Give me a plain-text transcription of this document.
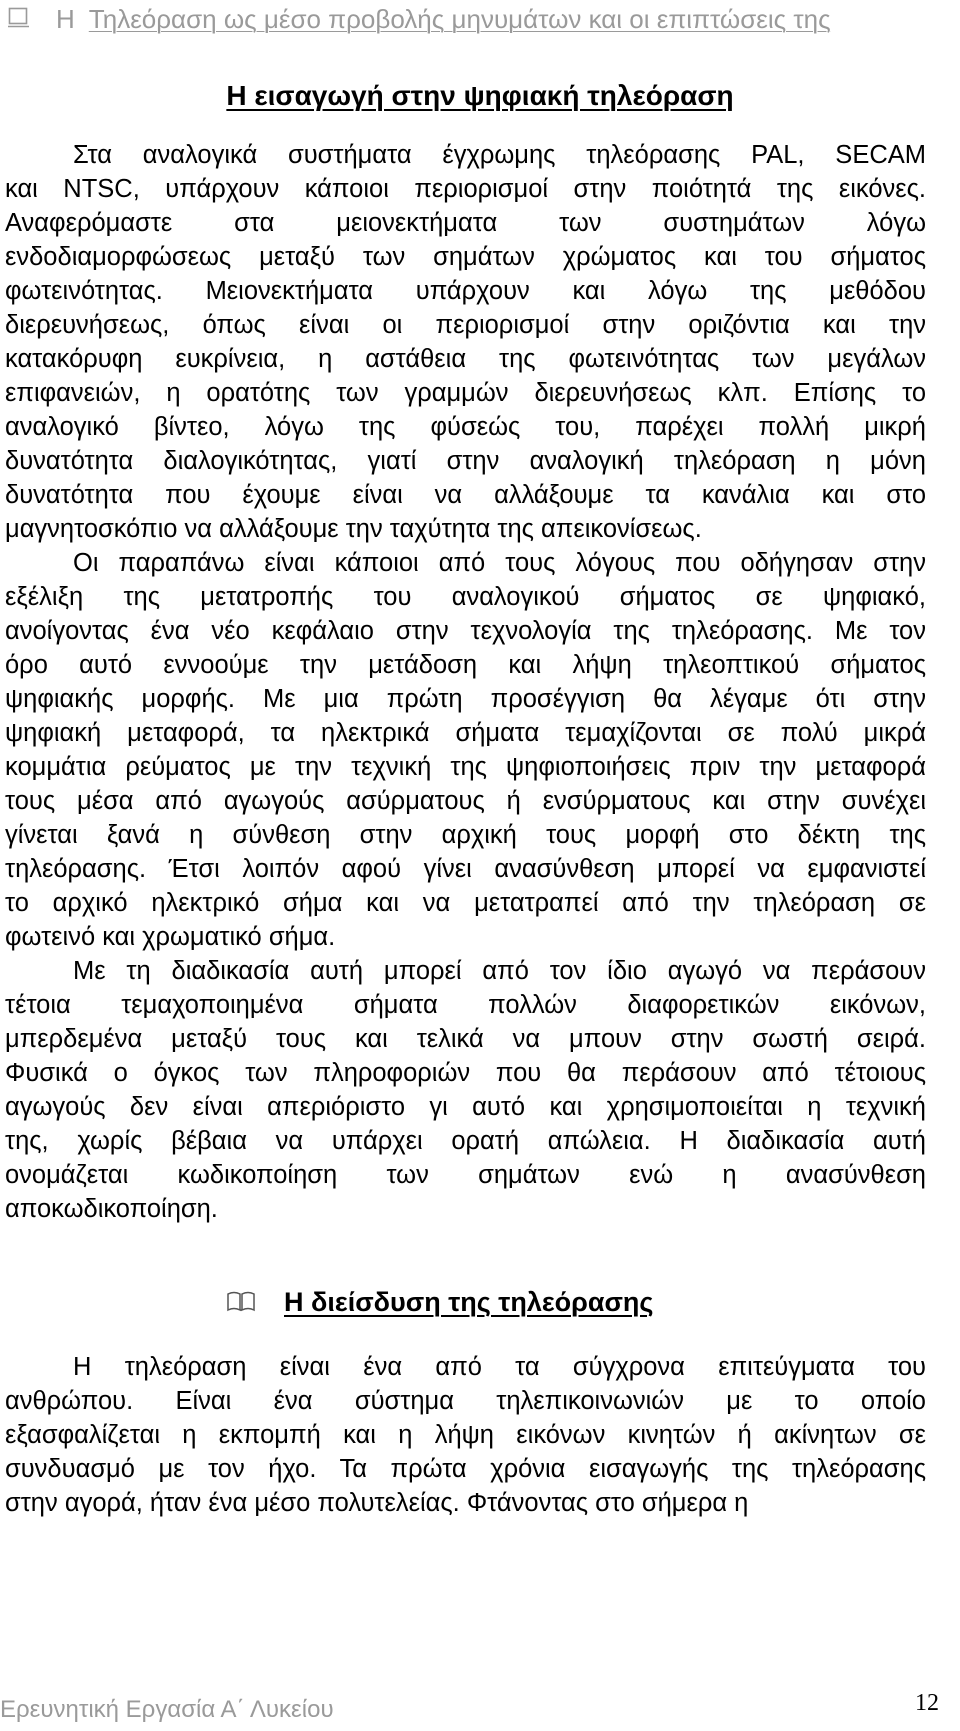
Η Τηλεόραση ως μέσο προβολής μηνυμάτων και οι επιπτώσεις της
Η εισαγωγή στην ψηφιακή τηλεόραση

Στα αναλογικά συστήματα έγχρωμης τηλεόρασης PAL, SECAM
και NTSC, υπάρχουν κάποιοι περιορισμοί στην ποιότητά της εικόνες.
Αναφερόμαστε στα μειονεκτήματα των συστημάτων λόγω
ενδοδιαμορφώσεως μεταξύ των σημάτων χρώματος και του σήματος
φωτεινότητας. Μειονεκτήματα υπάρχουν και λόγω της μεθόδου
διερευνήσεως, όπως είναι οι περιορισμοί στην οριζόντια και την
κατακόρυφη ευκρίνεια, η αστάθεια της φωτεινότητας των μεγάλων
επιφανειών, η ορατότης των γραμμών διερευνήσεως κλπ. Επίσης το
αναλογικό βίντεο, λόγω της φύσεώς του, παρέχει πολλή μικρή
δυνατότητα διαλογικότητας, γιατί στην αναλογική τηλεόραση η μόνη
δυνατότητα που έχουμε είναι να αλλάξουμε τα κανάλια και στο
μαγνητοσκόπιο να αλλάξουμε την ταχύτητα της απεικονίσεως.

Οι παραπάνω είναι κάποιοι από τους λόγους που οδήγησαν στην
εξέλιξη της μετατροπής του αναλογικού σήματος σε ψηφιακό,
ανοίγοντας ένα νέο κεφάλαιο στην τεχνολογία της τηλεόρασης. Με τον
όρο αυτό εννοούμε την μετάδοση και λήψη τηλεοπτικού σήματος
ψηφιακής μορφής. Με μια πρώτη προσέγγιση θα λέγαμε ότι στην
ψηφιακή μεταφορά, τα ηλεκτρικά σήματα τεμαχίζονται σε πολύ μικρά
κομμάτια ρεύματος με την τεχνική της ψηφιοποιήσεις πριν την μεταφορά
τους μέσα από αγωγούς ασύρματους ή ενσύρματους και στην συνέχει
γίνεται ξανά η σύνθεση στην αρχική τους μορφή στο δέκτη της
τηλεόρασης. Έτσι λοιπόν αφού γίνει ανασύνθεση μπορεί να εμφανιστεί
το αρχικό ηλεκτρικό σήμα και να μετατραπεί από την τηλεόραση σε
φωτεινό και χρωματικό σήμα.

Με τη διαδικασία αυτή μπορεί από τον ίδιο αγωγό να περάσουν
τέτοια τεμαχοποιημένα σήματα πολλών διαφορετικών εικόνων,
μπερδεμένα μεταξύ τους και τελικά να μπουν στην σωστή σειρά.
Φυσικά ο όγκος των πληροφοριών που θα περάσουν από τέτοιους
αγωγούς δεν είναι απεριόριστο γι αυτό και χρησιμοποιείται η τεχνική
της, χωρίς βέβαια να υπάρχει ορατή απώλεια. Η διαδικασία αυτή
ονομάζεται κωδικοποίηση των σημάτων ενώ η ανασύνθεση
αποκωδικοποίηση.

Η διείσδυση της τηλεόρασης

Η τηλεόραση είναι ένα από τα σύγχρονα επιτεύγματα του
ανθρώπου. Είναι ένα σύστημα τηλεπικοινωνιών με το οποίο
εξασφαλίζεται η εκπομπή και η λήψη εικόνων κινητών ή ακίνητων σε
συνδυασμό με τον ήχο. Τα πρώτα χρόνια εισαγωγής της τηλεόρασης
στην αγορά, ήταν ένα μέσο πολυτελείας. Φτάνοντας στο σήμερα η

Ερευνητική Εργασία Α΄ Λυκείου	12
